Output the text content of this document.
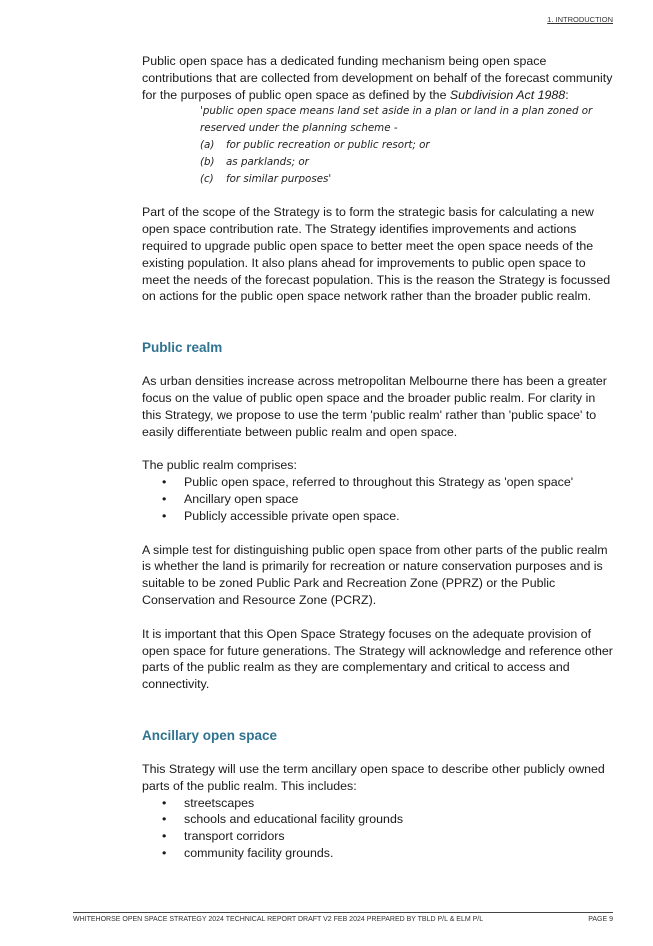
1. INTRODUCTION

Public open space has a dedicated funding mechanism being open space contributions that are collected from development on behalf of the forecast community for the purposes of public open space as defined by the Subdivision Act 1988:

'public open space means land set aside in a plan or land in a plan zoned or reserved under the planning scheme -
(a)	for public recreation or public resort; or
(b)	as parklands; or
(c)	for similar purposes'

Part of the scope of the Strategy is to form the strategic basis for calculating a new open space contribution rate. The Strategy identifies improvements and actions required to upgrade public open space to better meet the open space needs of the existing population. It also plans ahead for improvements to public open space to meet the needs of the forecast population. This is the reason the Strategy is focussed on actions for the public open space network rather than the broader public realm.

Public realm

As urban densities increase across metropolitan Melbourne there has been a greater focus on the value of public open space and the broader public realm. For clarity in this Strategy, we propose to use the term 'public realm' rather than 'public space' to easily differentiate between public realm and open space.

The public realm comprises:

• Public open space, referred to throughout this Strategy as 'open space'
• Ancillary open space
• Publicly accessible private open space.

A simple test for distinguishing public open space from other parts of the public realm is whether the land is primarily for recreation or nature conservation purposes and is suitable to be zoned Public Park and Recreation Zone (PPRZ) or the Public Conservation and Resource Zone (PCRZ).

It is important that this Open Space Strategy focuses on the adequate provision of open space for future generations. The Strategy will acknowledge and reference other parts of the public realm as they are complementary and critical to access and connectivity.

Ancillary open space

This Strategy will use the term ancillary open space to describe other publicly owned parts of the public realm. This includes:

• streetscapes
• schools and educational facility grounds
• transport corridors
• community facility grounds.
WHITEHORSE OPEN SPACE STRATEGY 2024 TECHNICAL REPORT DRAFT V2 FEB 2024 PREPARED BY TBLD P/L & ELM P/L	PAGE 9
